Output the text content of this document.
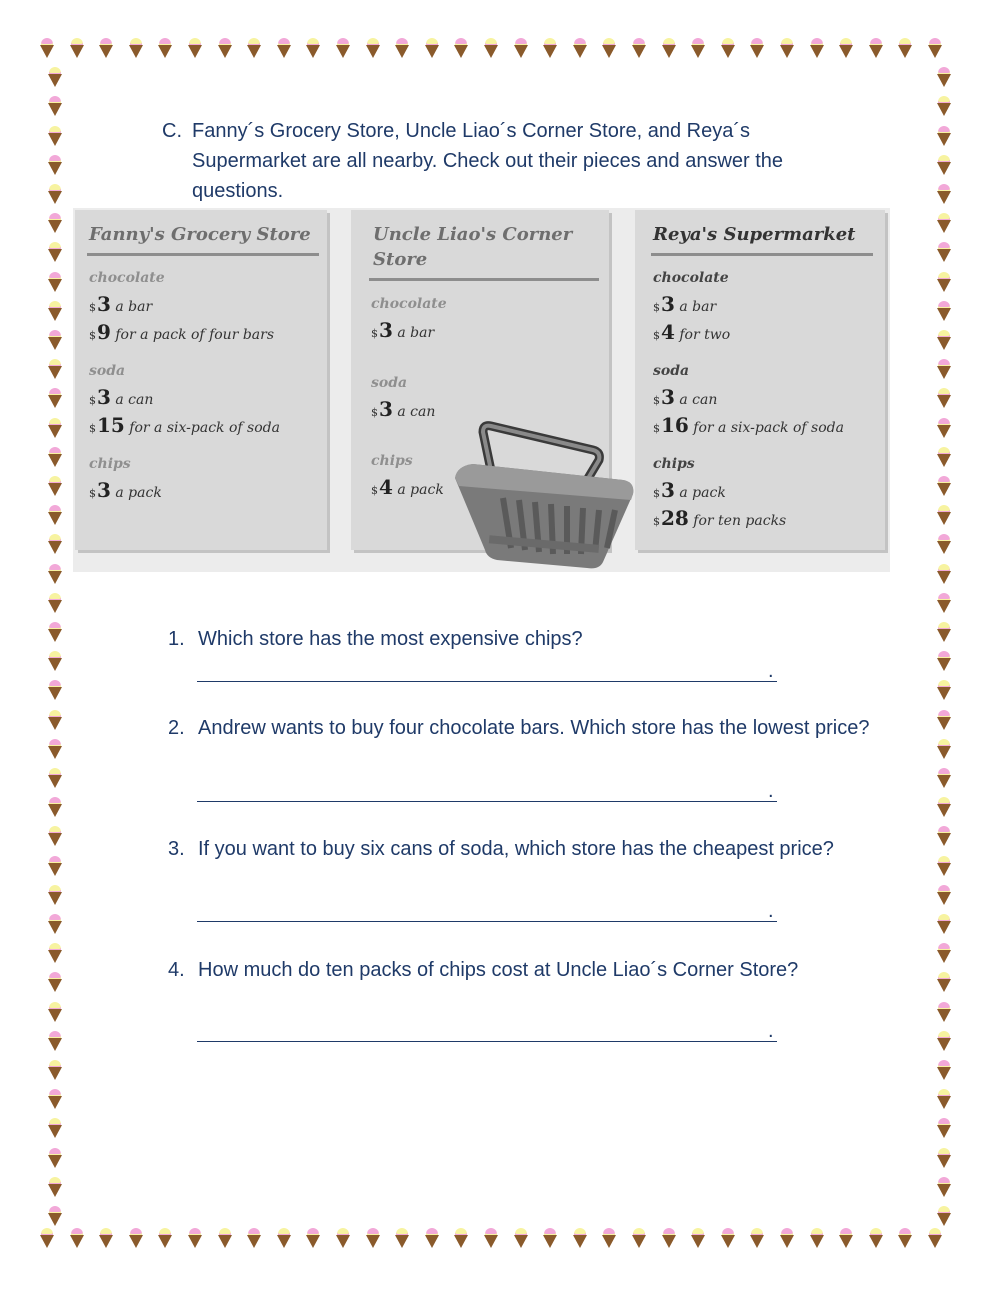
C. Fanny´s Grocery Store, Uncle Liao´s Corner Store, and Reya´s Supermarket are all nearby. Check out their pieces and answer the questions.
Fanny's Grocery Store
chocolate
$3 a bar
$9 for a pack of four bars
soda
$3 a can
$15 for a six-pack of soda
chips
$3 a pack
Uncle Liao's Corner
Store
chocolate
$3 a bar
soda
$3 a can
chips
$4 a pack
Reya's Supermarket
chocolate
$3 a bar
$4 for two
soda
$3 a can
$16 for a six-pack of soda
chips
$3 a pack
$28 for ten packs
1. Which store has the most expensive chips?
.
2. Andrew wants to buy four chocolate bars. Which store has the lowest price?
.
3. If you want to buy six cans of soda, which store has the cheapest price?
.
4. How much do ten packs of chips cost at Uncle Liao´s Corner Store?
.
